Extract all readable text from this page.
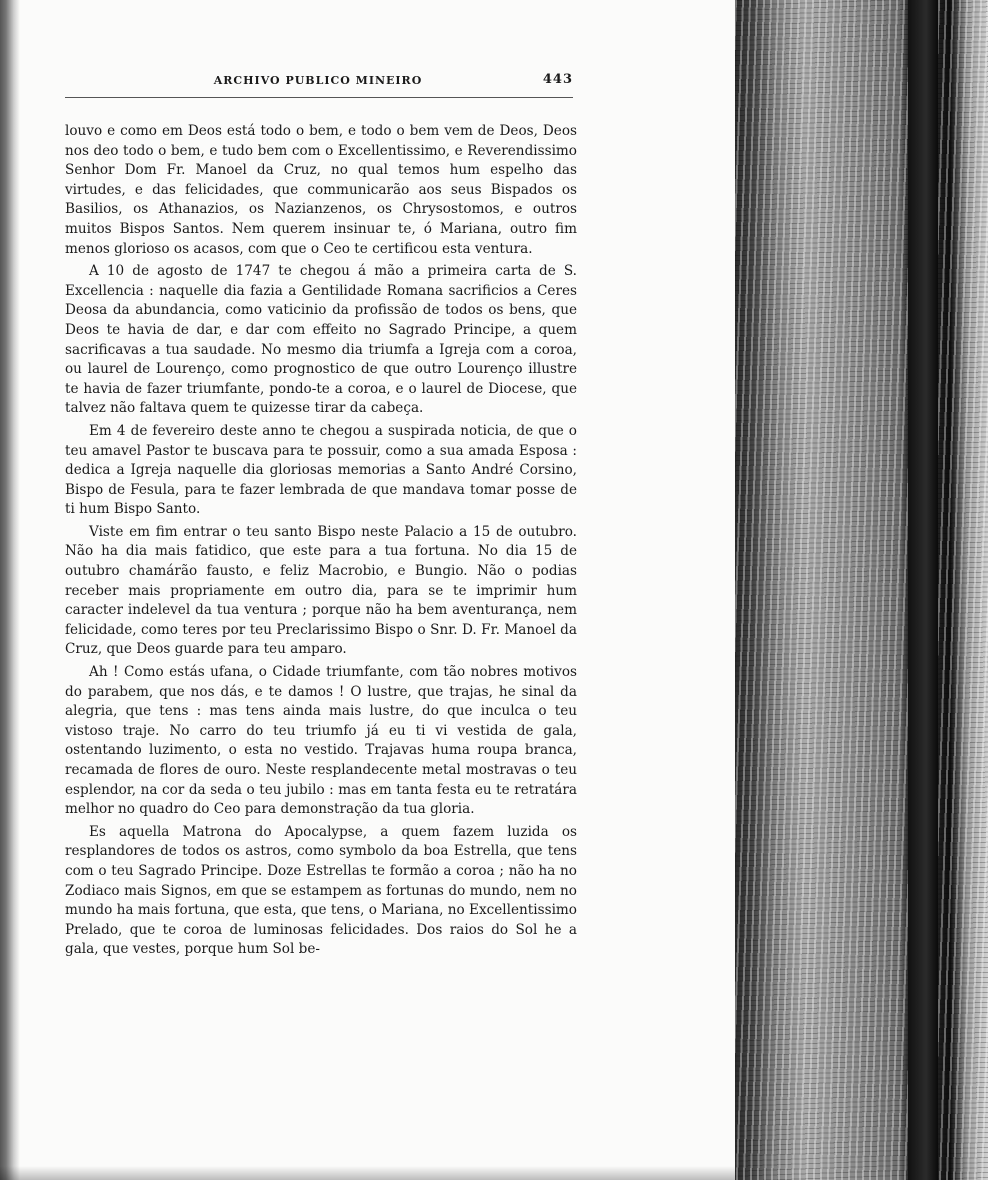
ARCHIVO PUBLICO MINEIRO	443

louvo e como em Deos está todo o bem, e todo o bem vem de Deos, Deos nos deo todo o bem, e tudo bem com o Excellentissimo, e Reverendissimo Senhor Dom Fr. Manoel da Cruz, no qual temos hum espelho das virtudes, e das felicidades, que communicarão aos seus Bispados os Basilios, os Athanazios, os Nazianzenos, os Chrysostomos, e outros muitos Bispos Santos. Nem querem insinuar te, ó Mariana, outro fim menos glorioso os acasos, com que o Ceo te certificou esta ventura.

A 10 de agosto de 1747 te chegou á mão a primeira carta de S. Excellencia : naquelle dia fazia a Gentilidade Romana sacrificios a Ceres Deosa da abundancia, como vaticinio da profissão de todos os bens, que Deos te havia de dar, e dar com effeito no Sagrado Principe, a quem sacrificavas a tua saudade. No mesmo dia triumfa a Igreja com a coroa, ou laurel de Lourenço, como prognostico de que outro Lourenço illustre te havia de fazer triumfante, pondo-te a coroa, e o laurel de Diocese, que talvez não faltava quem te quizesse tirar da cabeça.

Em 4 de fevereiro deste anno te chegou a suspirada noticia, de que o teu amavel Pastor te buscava para te possuir, como a sua amada Esposa : dedica a Igreja naquelle dia gloriosas memorias a Santo André Corsino, Bispo de Fesula, para te fazer lembrada de que mandava tomar posse de ti hum Bispo Santo.

Viste em fim entrar o teu santo Bispo neste Palacio a 15 de outubro. Não ha dia mais fatidico, que este para a tua fortuna. No dia 15 de outubro chamárão fausto, e feliz Macrobio, e Bungio. Não o podias receber mais propriamente em outro dia, para se te imprimir hum caracter indelevel da tua ventura ; porque não ha bem aventurança, nem felicidade, como teres por teu Preclarissimo Bispo o Snr. D. Fr. Manoel da Cruz, que Deos guarde para teu amparo.

Ah ! Como estás ufana, o Cidade triumfante, com tão nobres motivos do parabem, que nos dás, e te damos ! O lustre, que trajas, he sinal da alegria, que tens : mas tens ainda mais lustre, do que inculca o teu vistoso traje. No carro do teu triumfo já eu ti vi vestida de gala, ostentando luzimento, o esta no vestido. Trajavas huma roupa branca, recamada de flores de ouro. Neste resplandecente metal mostravas o teu esplendor, na cor da seda o teu jubilo : mas em tanta festa eu te retratára melhor no quadro do Ceo para demonstração da tua gloria.

Es aquella Matrona do Apocalypse, a quem fazem luzida os resplandores de todos os astros, como symbolo da boa Estrella, que tens com o teu Sagrado Principe. Doze Estrellas te formão a coroa ; não ha no Zodiaco mais Signos, em que se estampem as fortunas do mundo, nem no mundo ha mais fortuna, que esta, que tens, o Mariana, no Excellentissimo Prelado, que te coroa de luminosas felicidades. Dos raios do Sol he a gala, que vestes, porque hum Sol be-
